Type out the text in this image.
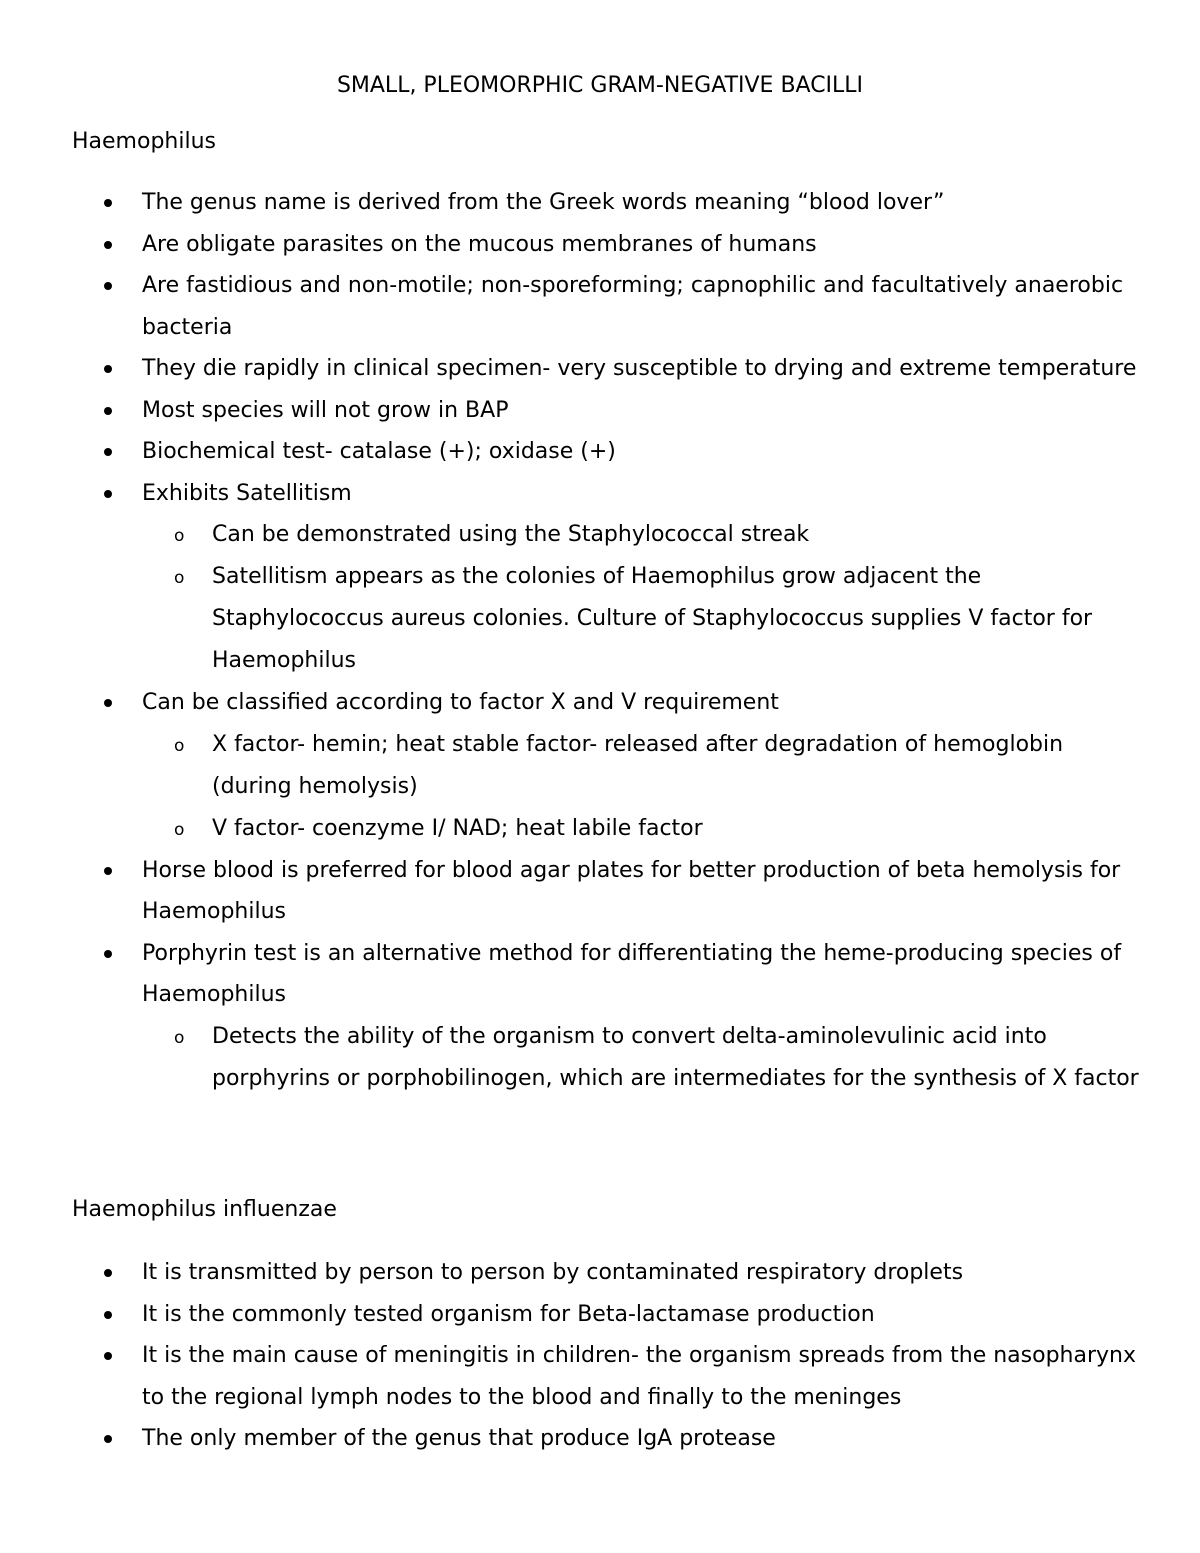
SMALL, PLEOMORPHIC GRAM-NEGATIVE BACILLI
Haemophilus
The genus name is derived from the Greek words meaning “blood lover”
Are obligate parasites on the mucous membranes of humans
Are fastidious and non-motile; non-sporeforming; capnophilic and facultatively anaerobic bacteria
They die rapidly in clinical specimen- very susceptible to drying and extreme temperature
Most species will not grow in BAP
Biochemical test- catalase (+); oxidase (+)
Exhibits Satellitism
o Can be demonstrated using the Staphylococcal streak
o Satellitism appears as the colonies of Haemophilus grow adjacent the Staphylococcus aureus colonies. Culture of Staphylococcus supplies V factor for Haemophilus
Can be classified according to factor X and V requirement
o X factor- hemin; heat stable factor- released after degradation of hemoglobin (during hemolysis)
o V factor- coenzyme I/ NAD; heat labile factor
Horse blood is preferred for blood agar plates for better production of beta hemolysis for Haemophilus
Porphyrin test is an alternative method for differentiating the heme-producing species of Haemophilus
o Detects the ability of the organism to convert delta-aminolevulinic acid into porphyrins or porphobilinogen, which are intermediates for the synthesis of X factor
Haemophilus influenzae
It is transmitted by person to person by contaminated respiratory droplets
It is the commonly tested organism for Beta-lactamase production
It is the main cause of meningitis in children- the organism spreads from the nasopharynx to the regional lymph nodes to the blood and finally to the meninges
The only member of the genus that produce IgA protease
